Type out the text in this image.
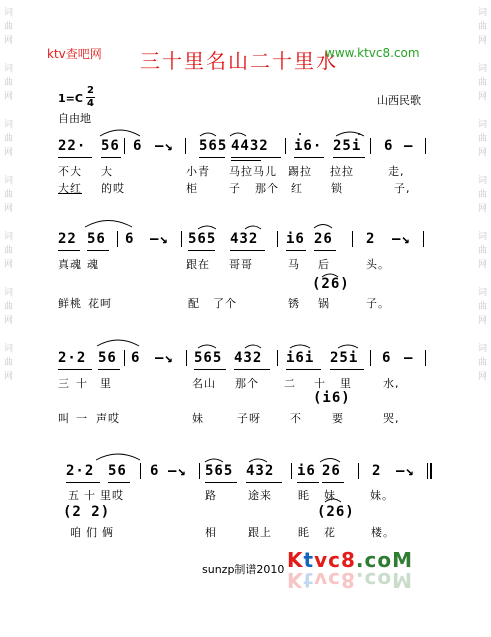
词
曲
网
词
曲
网
词
曲
网
词
曲
网
词
曲
网
词
曲
网
词
曲
网
词
曲
网
词
曲
网
词
曲
网
词
曲
网
词
曲
网
词
曲
网
词
曲
网
ktv查吧网 三十里名山二十里水
www.ktvc8.com
1=C
2
4
自由地
山西民歌
22· 56 6 –↘ 565 4432 i6· 25i 6 –
不大 大	小青 马拉马儿 踢拉 拉拉	走,
大红 的哎	柜	子 那个 红	锁	子,
22 56 6 –↘ 565 432 i6 26 2 –↘
真魂 魂	跟在 哥哥	马 后	头。
(26)
鲜桃 花呵	配 了个	锈 锅	子。
2·2 56 6 –↘ 565 432 i6i 25i 6 –
三 十 里	名山 那个 二 十 里	水,
(i6)
叫 一 声哎	妹	子呀	不	要	哭,
2·2 56 6 –↘ 565 432 i6 26 2 –↘
五 十 里哎	路	途来 眊 妹	妹。
(2 2)	(26)
咱 们 俩	相	跟上 眊 花	楼。
sunzp制谱2010 Ktvc8.coM
Ktvc8.coM
